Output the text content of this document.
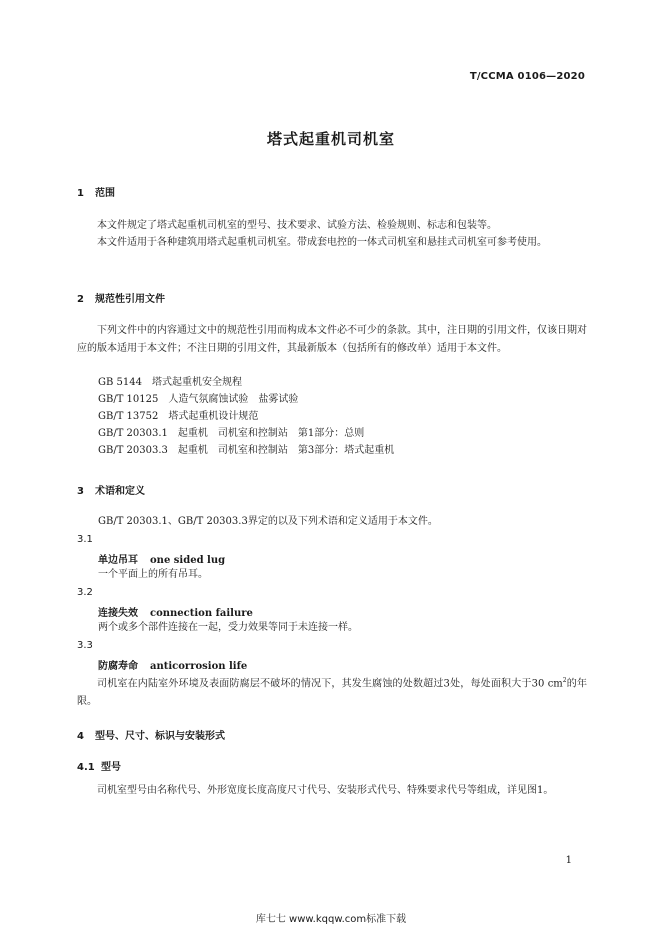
T/CCMA 0106—2020
塔式起重机司机室
1 范围
本文件规定了塔式起重机司机室的型号、技术要求、试验方法、检验规则、标志和包装等。
本文件适用于各种建筑用塔式起重机司机室。带成套电控的一体式司机室和悬挂式司机室可参考使用。
2 规范性引用文件
下列文件中的内容通过文中的规范性引用而构成本文件必不可少的条款。其中，注日期的引用文件，仅该日期对应的版本适用于本文件；不注日期的引用文件，其最新版本（包括所有的修改单）适用于本文件。
GB 5144　塔式起重机安全规程
GB/T 10125　人造气氛腐蚀试验　盐雾试验
GB/T 13752　塔式起重机设计规范
GB/T 20303.1　起重机　司机室和控制站　第1部分：总则
GB/T 20303.3　起重机　司机室和控制站　第3部分：塔式起重机
3 术语和定义
GB/T 20303.1、GB/T 20303.3界定的以及下列术语和定义适用于本文件。
3.1
单边吊耳 one sided lug
一个平面上的所有吊耳。
3.2
连接失效 connection failure
两个或多个部件连接在一起，受力效果等同于未连接一样。
3.3
防腐寿命 anticorrosion life
司机室在内陆室外环境及表面防腐层不破坏的情况下，其发生腐蚀的处数超过3处，每处面积大于30 $cm^2$的年限。
4 型号、尺寸、标识与安装形式
4.1 型号
司机室型号由名称代号、外形宽度长度高度尺寸代号、安装形式代号、特殊要求代号等组成，详见图1。
1
库七七 www.kqqw.com标准下载
